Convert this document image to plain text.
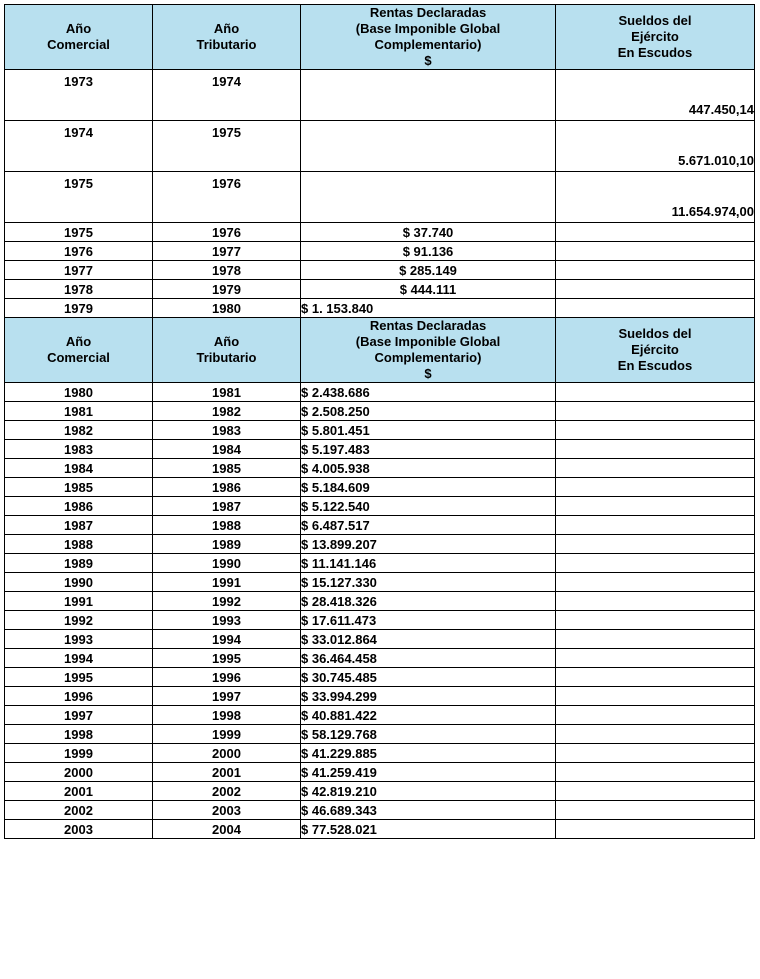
Año
Comercial

Año
Tributario

Rentas Declaradas
(Base Imponible Global
Complementario)
$

Sueldos del
Ejército
En Escudos

1973	1974		447.450,14
1974	1975		5.671.010,10
1975	1976		11.654.974,00
1975	1976	$ 37.740	
1976	1977	$ 91.136	
1977	1978	$ 285.149	
1978	1979	$ 444.111	
1979	1980	$ 1. 153.840	

Año
Comercial

Año
Tributario

Rentas Declaradas
(Base Imponible Global
Complementario)
$

Sueldos del
Ejército
En Escudos

1980	1981	$ 2.438.686	
1981	1982	$ 2.508.250	
1982	1983	$ 5.801.451	
1983	1984	$ 5.197.483	
1984	1985	$ 4.005.938	
1985	1986	$ 5.184.609	
1986	1987	$ 5.122.540	
1987	1988	$ 6.487.517	
1988	1989	$ 13.899.207	
1989	1990	$ 11.141.146	
1990	1991	$ 15.127.330	
1991	1992	$ 28.418.326	
1992	1993	$ 17.611.473	
1993	1994	$ 33.012.864	
1994	1995	$ 36.464.458	
1995	1996	$ 30.745.485	
1996	1997	$ 33.994.299	
1997	1998	$ 40.881.422	
1998	1999	$ 58.129.768	
1999	2000	$ 41.229.885	
2000	2001	$ 41.259.419	
2001	2002	$ 42.819.210	
2002	2003	$ 46.689.343	
2003	2004	$ 77.528.021	
